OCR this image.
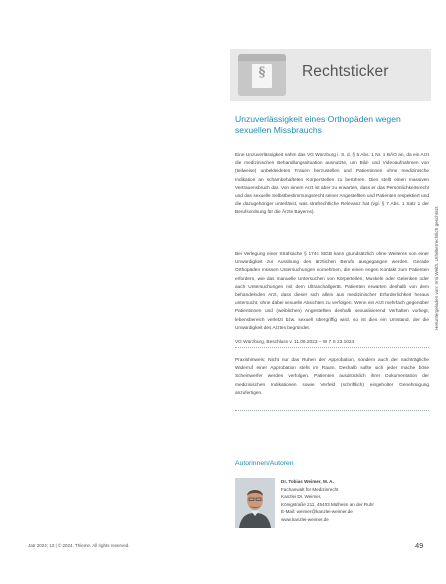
§	Rechtsticker
Unzuverlässigkeit eines Orthopäden wegen sexuellen Missbrauchs
Eine Unzuverlässigkeit nahm das VG Würzburg i. S. d. § 5 Abs. 1 Nr. 1 BÄO an, da ein Arzt die medizinischen Behandlungssituation ausnutzte, um Bild- und Videoaufnahmen von (teilweise) unbekleideten Frauen herzustellen und Patientinnen ohne medizinische Indikation an schambehafteten Körperstellen zu berühren. Dies stellt einen massiven Vertrauensbruch dar. Von einem Arzt ist aber zu erwarten, dass er das Persönlichkeitsrecht und das sexuelle Selbstbestimmungsrecht seiner Angestellten und Patienten respektiert und die dazugehöriger unterlässt, was strafrechtliche Relevanz hat (vgl. § 7 Abs. 1 Satz 1 der Berufsordnung für die Ärzte Bayerns).
Bei Verlegung einer Strafsache § 174c StGB kann grundsätzlich ohne Weiteres von einer Unwürdigkeit zur Ausübung des ärztlichen Berufs ausgegangen werden. Gerade Orthopäden müssen Untersuchungen vornehmen, die einen engen Kontakt zum Patienten erfordern, wie das manuelle Untersuchen von Körperteilen, Muskeln oder Gelenken oder auch Untersuchungen mit dem Ultraschallgerät. Patienten erwarten deshalb von dem behandelnden Arzt, dass dieser sich allein aus medizinischer Erforderlichkeit heraus untersucht, ohne dabei sexuelle Absichten zu verfolgen. Wenn ein Arzt mehrfach gegenüber Patientinnen und (weiblichen) Angestellten deshalb sexualisierend Verhalten vorliegt, lebensbereich verletzt bzw. sexuell übergriffig wird, so ist dies ein Umstand, der die Unwürdigkeit des Arztes begründet.
VG Würzburg, Beschluss v. 11.09.2023 – W 7 S 23.1024
Praxishinweis: Nicht nur das Ruhen der Approbation, sondern auch der nachträgliche Widerruf einer Approbation steht im Raum. Deshalb sollte sich jeder mache böse Scheinwerfer werden verfolgen. Patienten ausdrücklich ihrer Dokumentation der medizinischen Indikationen sowie Verfeld (schriftlich) eingeholter Genehmigung anzufertigen.
Autorinnen/Autoren
Dr. Tobias Weimer, M. A.
Fachanwalt für Medizinrecht
Kanzlei Dr. Weimer,
Königstraße 211, 45403 Mülheim an der Ruhr
E-Mail: weimer@kanzlei-weimer.de
www.kanzlei-weimer.de
Heruntergeladen von: Irmi Weith. Urheberrechtlich geschützt.
Jatr 2024; 13 | © 2024. Thieme. All rights reserved.	49
